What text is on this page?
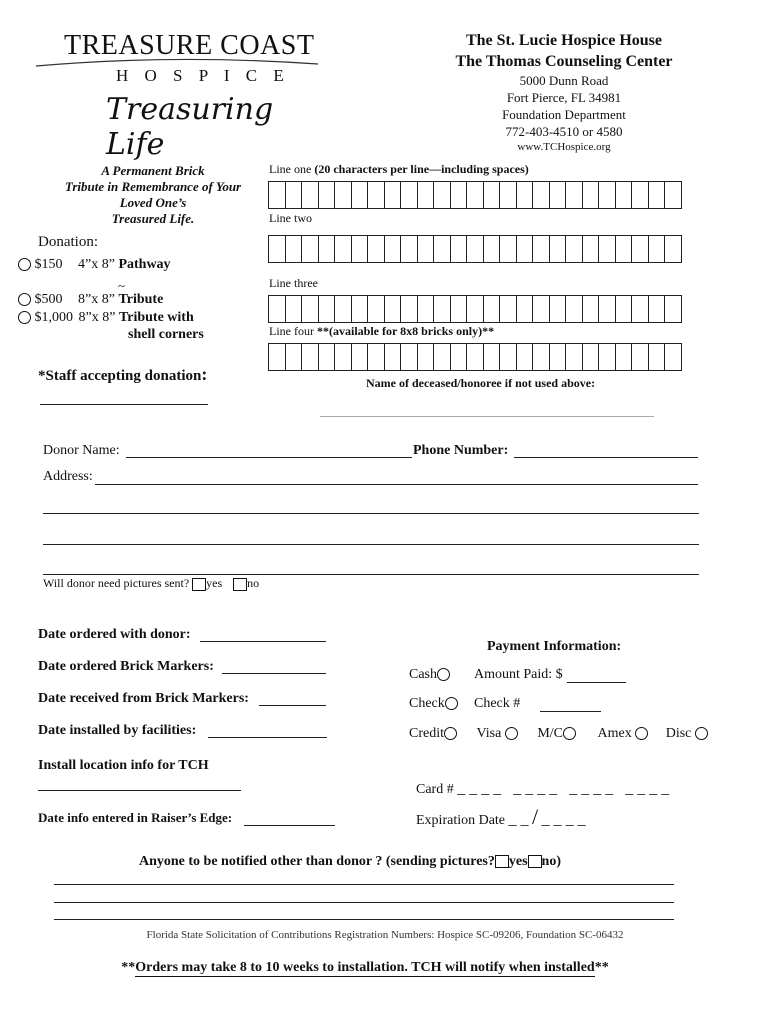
TREASURE COAST
H O S P I C E
Treasuring Life
The St. Lucie Hospice House
The Thomas Counseling Center
5000 Dunn Road
Fort Pierce, FL 34981
Foundation Department
772-403-4510 or 4580
www.TCHospice.org
A Permanent Brick
Tribute in Remembrance of Your
Loved One’s
Treasured Life.
Line one (20 characters per line—including spaces)
Line two
Line three
Line four **(available for 8x8 bricks only)**
Donation:
$150 4”x 8” Pathway
~
$500 8”x 8” Tribute
$1,000 8”x 8” Tribute with
shell corners
*Staff accepting donation:	Name of deceased/honoree if not used above:
Donor Name:	Phone Number:
Address:
Will donor need pictures sent? yes no
Date ordered with donor:
Date ordered Brick Markers:
Date received from Brick Markers:
Date installed by facilities:
Install location info for TCH
Date info entered in Raiser’s Edge:
Payment Information:
Cash	Amount Paid: $
Check	Check #
Credit Visa	M/C Amex Disc

Card # _ _ _ _   _ _ _ _   _ _ _ _   _ _ _ _

Expiration Date _ _ / _ _ _ _

Anyone to be notified other than donor ? (sending pictures? yes no)
Florida State Solicitation of Contributions Registration Numbers: Hospice SC-09206, Foundation SC-06432
**Orders may take 8 to 10 weeks to installation. TCH will notify when installed**
